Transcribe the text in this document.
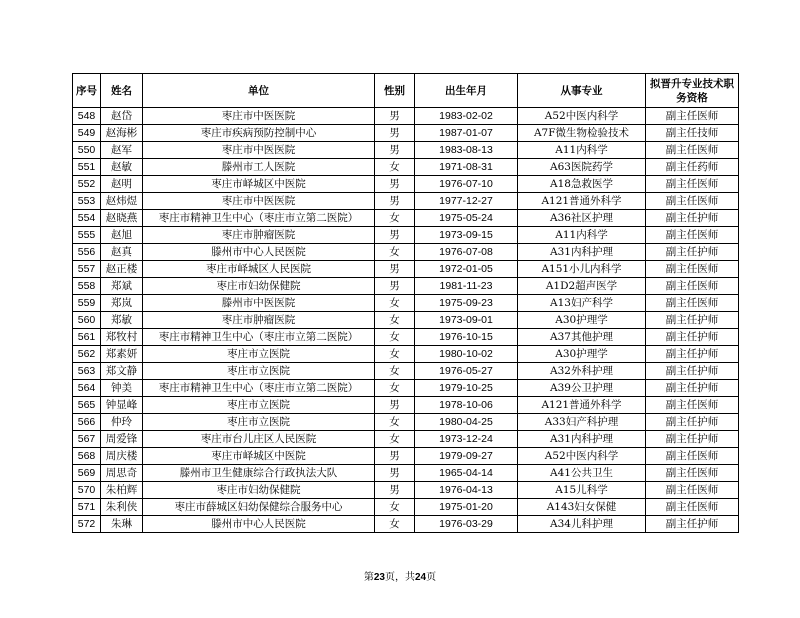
序号	姓名	单位	性别	出生年月	从事专业	拟晋升专业技术职务资格
548	赵岱	枣庄市中医医院	男	1983-02-02	A52中医内科学	副主任医师
549	赵海彬	枣庄市疾病预防控制中心	男	1987-01-07	A7F微生物检验技术	副主任技师
550	赵军	枣庄市中医医院	男	1983-08-13	A11内科学	副主任医师
551	赵敏	滕州市工人医院	女	1971-08-31	A63医院药学	副主任药师
552	赵明	枣庄市峄城区中医院	男	1976-07-10	A18急救医学	副主任医师
553	赵炜煜	枣庄市中医医院	男	1977-12-27	A121普通外科学	副主任医师
554	赵晓燕	枣庄市精神卫生中心（枣庄市立第二医院）	女	1975-05-24	A36社区护理	副主任护师
555	赵旭	枣庄市肿瘤医院	男	1973-09-15	A11内科学	副主任医师
556	赵真	滕州市中心人民医院	女	1976-07-08	A31内科护理	副主任护师
557	赵正楼	枣庄市峄城区人民医院	男	1972-01-05	A151小儿内科学	副主任医师
558	郑斌	枣庄市妇幼保健院	男	1981-11-23	A1D2超声医学	副主任医师
559	郑岚	滕州市中医医院	女	1975-09-23	A13妇产科学	副主任医师
560	郑敏	枣庄市肿瘤医院	女	1973-09-01	A30护理学	副主任护师
561	郑牧村	枣庄市精神卫生中心（枣庄市立第二医院）	女	1976-10-15	A37其他护理	副主任护师
562	郑素妍	枣庄市立医院	女	1980-10-02	A30护理学	副主任护师
563	郑文静	枣庄市立医院	女	1976-05-27	A32外科护理	副主任护师
564	钟美	枣庄市精神卫生中心（枣庄市立第二医院）	女	1979-10-25	A39公卫护理	副主任护师
565	钟显峰	枣庄市立医院	男	1978-10-06	A121普通外科学	副主任医师
566	仲玲	枣庄市立医院	女	1980-04-25	A33妇产科护理	副主任护师
567	周爱锋	枣庄市台儿庄区人民医院	女	1973-12-24	A31内科护理	副主任护师
568	周庆楼	枣庄市峄城区中医院	男	1979-09-27	A52中医内科学	副主任医师
569	周思奇	滕州市卫生健康综合行政执法大队	男	1965-04-14	A41公共卫生	副主任医师
570	朱柏辉	枣庄市妇幼保健院	男	1976-04-13	A15儿科学	副主任医师
571	朱利侠	枣庄市薛城区妇幼保健综合服务中心	女	1975-01-20	A143妇女保健	副主任医师
572	朱琳	滕州市中心人民医院	女	1976-03-29	A34儿科护理	副主任护师
第23页，共24页
